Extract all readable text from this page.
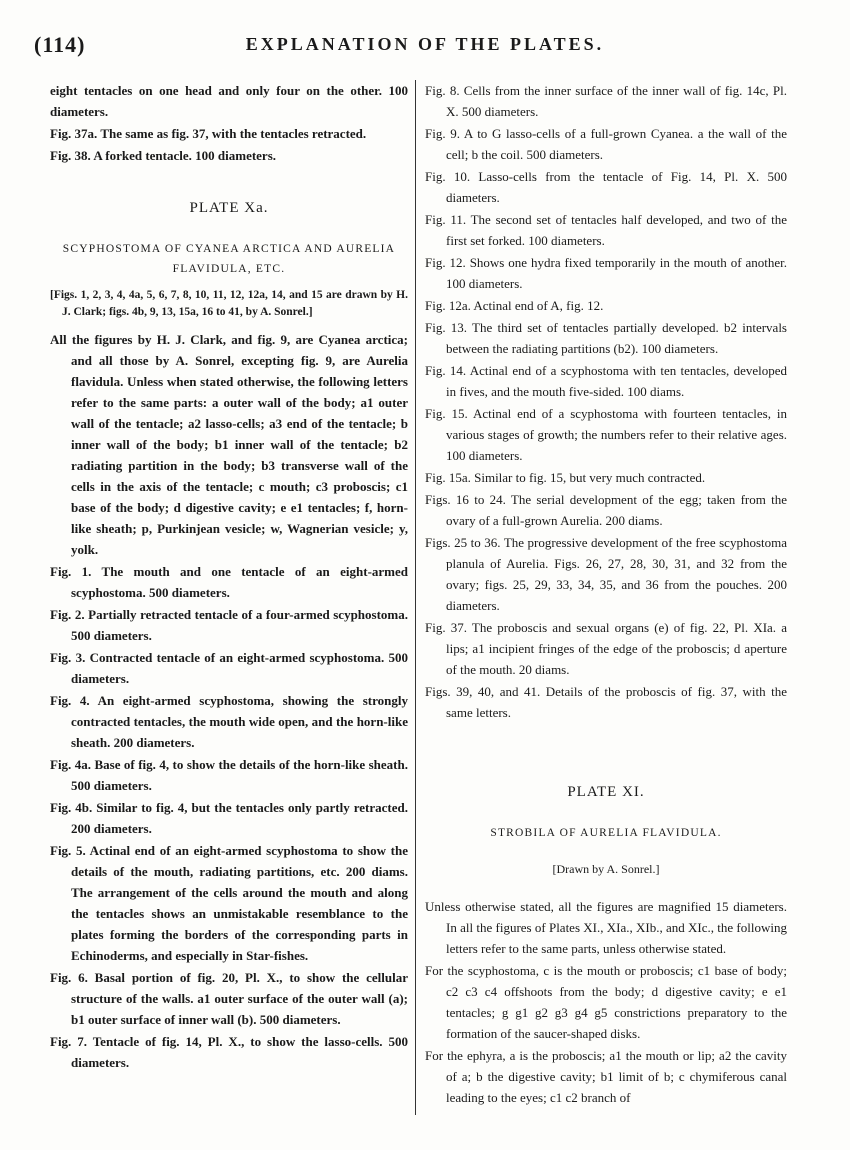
(114)	EXPLANATION OF THE PLATES.

eight tentacles on one head and only four on the other. 100 diameters.

Fig. 37a. The same as fig. 37, with the tentacles retracted.

Fig. 38. A forked tentacle. 100 diameters.

PLATE Xa.
SCYPHOSTOMA OF CYANEA ARCTICA AND AURELIA
FLAVIDULA, ETC.

[Figs. 1, 2, 3, 4, 4a, 5, 6, 7, 8, 10, 11, 12, 12a, 14, and 15 are drawn by H. J. Clark; figs. 4b, 9, 13, 15a, 16 to 41, by A. Sonrel.]

All the figures by H. J. Clark, and fig. 9, are Cyanea arctica; and all those by A. Sonrel, excepting fig. 9, are Aurelia flavidula. Unless when stated otherwise, the following letters refer to the same parts: a outer wall of the body; a1 outer wall of the tentacle; a2 lasso-cells; a3 end of the tentacle; b inner wall of the body; b1 inner wall of the tentacle; b2 radiating partition in the body; b3 transverse wall of the cells in the axis of the tentacle; c mouth; c3 proboscis; c1 base of the body; d digestive cavity; e e1 tentacles; f, horn-like sheath; p, Purkinjean vesicle; w, Wagnerian vesicle; y, yolk.

Fig. 1. The mouth and one tentacle of an eight-armed scyphostoma. 500 diameters.

Fig. 2. Partially retracted tentacle of a four-armed scyphostoma. 500 diameters.

Fig. 3. Contracted tentacle of an eight-armed scyphostoma. 500 diameters.

Fig. 4. An eight-armed scyphostoma, showing the strongly contracted tentacles, the mouth wide open, and the horn-like sheath. 200 diameters.

Fig. 4a. Base of fig. 4, to show the details of the horn-like sheath. 500 diameters.

Fig. 4b. Similar to fig. 4, but the tentacles only partly retracted. 200 diameters.

Fig. 5. Actinal end of an eight-armed scyphostoma to show the details of the mouth, radiating partitions, etc. 200 diams. The arrangement of the cells around the mouth and along the tentacles shows an unmistakable resemblance to the plates forming the borders of the corresponding parts in Echinoderms, and especially in Star-fishes.

Fig. 6. Basal portion of fig. 20, Pl. X., to show the cellular structure of the walls. a1 outer surface of the outer wall (a); b1 outer surface of inner wall (b). 500 diameters.

Fig. 7. Tentacle of fig. 14, Pl. X., to show the lasso-cells. 500 diameters.

Fig. 8. Cells from the inner surface of the inner wall of fig. 14c, Pl. X. 500 diameters.

Fig. 9. A to G lasso-cells of a full-grown Cyanea. a the wall of the cell; b the coil. 500 diameters.

Fig. 10. Lasso-cells from the tentacle of Fig. 14, Pl. X. 500 diameters.

Fig. 11. The second set of tentacles half developed, and two of the first set forked. 100 diameters.

Fig. 12. Shows one hydra fixed temporarily in the mouth of another. 100 diameters.

Fig. 12a. Actinal end of A, fig. 12.

Fig. 13. The third set of tentacles partially developed. b2 intervals between the radiating partitions (b2). 100 diameters.

Fig. 14. Actinal end of a scyphostoma with ten tentacles, developed in fives, and the mouth five-sided. 100 diams.

Fig. 15. Actinal end of a scyphostoma with fourteen tentacles, in various stages of growth; the numbers refer to their relative ages. 100 diameters.

Fig. 15a. Similar to fig. 15, but very much contracted.

Figs. 16 to 24. The serial development of the egg; taken from the ovary of a full-grown Aurelia. 200 diams.

Figs. 25 to 36. The progressive development of the free scyphostoma planula of Aurelia. Figs. 26, 27, 28, 30, 31, and 32 from the ovary; figs. 25, 29, 33, 34, 35, and 36 from the pouches. 200 diameters.

Fig. 37. The proboscis and sexual organs (e) of fig. 22, Pl. XIa. a lips; a1 incipient fringes of the edge of the proboscis; d aperture of the mouth. 20 diams.

Figs. 39, 40, and 41. Details of the proboscis of fig. 37, with the same letters.

PLATE XI.
STROBILA OF AURELIA FLAVIDULA.
[Drawn by A. Sonrel.]

Unless otherwise stated, all the figures are magnified 15 diameters. In all the figures of Plates XI., XIa., XIb., and XIc., the following letters refer to the same parts, unless otherwise stated.

For the scyphostoma, c is the mouth or proboscis; c1 base of body; c2 c3 c4 offshoots from the body; d digestive cavity; e e1 tentacles; g g1 g2 g3 g4 g5 constrictions preparatory to the formation of the saucer-shaped disks.

For the ephyra, a is the proboscis; a1 the mouth or lip; a2 the cavity of a; b the digestive cavity; b1 limit of b; c chymiferous canal leading to the eyes; c1 c2 branch of
